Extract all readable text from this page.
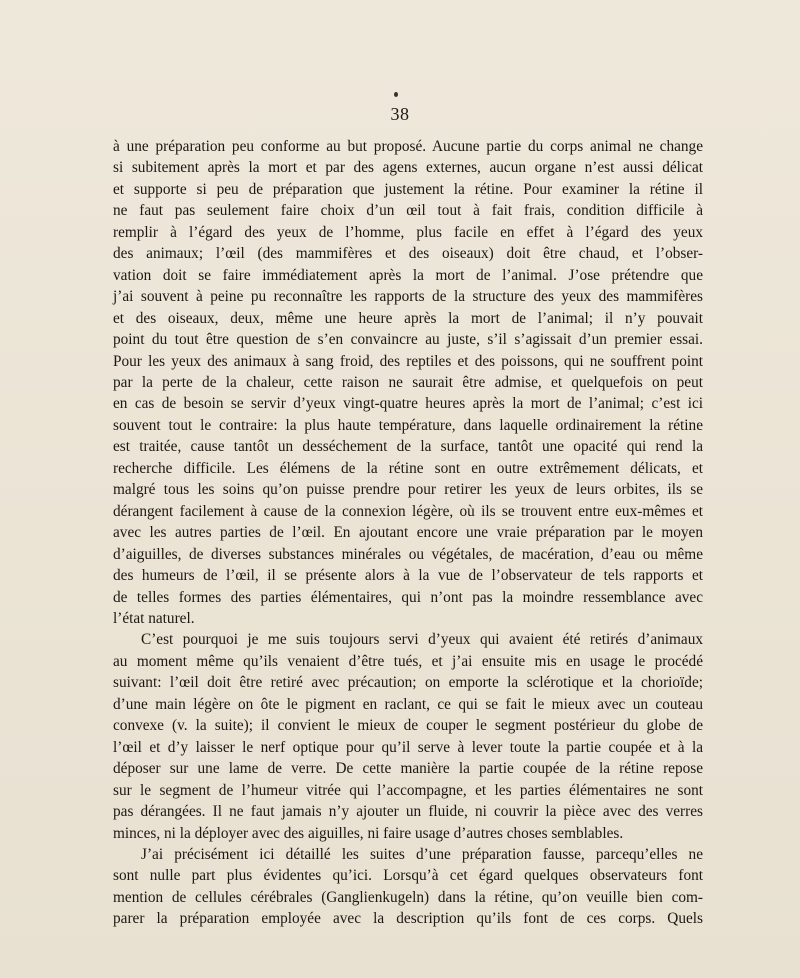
38

à une préparation peu conforme au but proposé. Aucune partie du corps animal ne change
si subitement après la mort et par des agens externes, aucun organe n’est aussi délicat
et supporte si peu de préparation que justement la rétine. Pour examiner la rétine il
ne faut pas seulement faire choix d’un œil tout à fait frais, condition difficile à
remplir à l’égard des yeux de l’homme, plus facile en effet à l’égard des yeux
des animaux; l’œil (des mammifères et des oiseaux) doit être chaud, et l’obser-
vation doit se faire immédiatement après la mort de l’animal. J’ose prétendre que
j’ai souvent à peine pu reconnaître les rapports de la structure des yeux des mammifères
et des oiseaux, deux, même une heure après la mort de l’animal; il n’y pouvait
point du tout être question de s’en convaincre au juste, s’il s’agissait d’un premier essai.
Pour les yeux des animaux à sang froid, des reptiles et des poissons, qui ne souffrent point
par la perte de la chaleur, cette raison ne saurait être admise, et quelquefois on peut
en cas de besoin se servir d’yeux vingt-quatre heures après la mort de l’animal; c’est ici
souvent tout le contraire: la plus haute température, dans laquelle ordinairement la rétine
est traitée, cause tantôt un desséchement de la surface, tantôt une opacité qui rend la
recherche difficile. Les élémens de la rétine sont en outre extrêmement délicats, et
malgré tous les soins qu’on puisse prendre pour retirer les yeux de leurs orbites, ils se
dérangent facilement à cause de la connexion légère, où ils se trouvent entre eux-mêmes et
avec les autres parties de l’œil. En ajoutant encore une vraie préparation par le moyen
d’aiguilles, de diverses substances minérales ou végétales, de macération, d’eau ou même
des humeurs de l’œil, il se présente alors à la vue de l’observateur de tels rapports et
de telles formes des parties élémentaires, qui n’ont pas la moindre ressemblance avec

l’état naturel.

C’est pourquoi je me suis toujours servi d’yeux qui avaient été retirés d’animaux

au moment même qu’ils venaient d’être tués, et j’ai ensuite mis en usage le procédé
suivant: l’œil doit être retiré avec précaution; on emporte la sclérotique et la chorioïde;
d’une main légère on ôte le pigment en raclant, ce qui se fait le mieux avec un couteau
convexe (v. la suite); il convient le mieux de couper le segment postérieur du globe de
l’œil et d’y laisser le nerf optique pour qu’il serve à lever toute la partie coupée et à la
déposer sur une lame de verre. De cette manière la partie coupée de la rétine repose
sur le segment de l’humeur vitrée qui l’accompagne, et les parties élémentaires ne sont
pas dérangées. Il ne faut jamais n’y ajouter un fluide, ni couvrir la pièce avec des verres

minces, ni la déployer avec des aiguilles, ni faire usage d’autres choses semblables.

J’ai précisément ici détaillé les suites d’une préparation fausse, parcequ’elles ne

sont nulle part plus évidentes qu’ici. Lorsqu’à cet égard quelques observateurs font
mention de cellules cérébrales (Ganglienkugeln) dans la rétine, qu’on veuille bien com-
parer la préparation employée avec la description qu’ils font de ces corps. Quels
